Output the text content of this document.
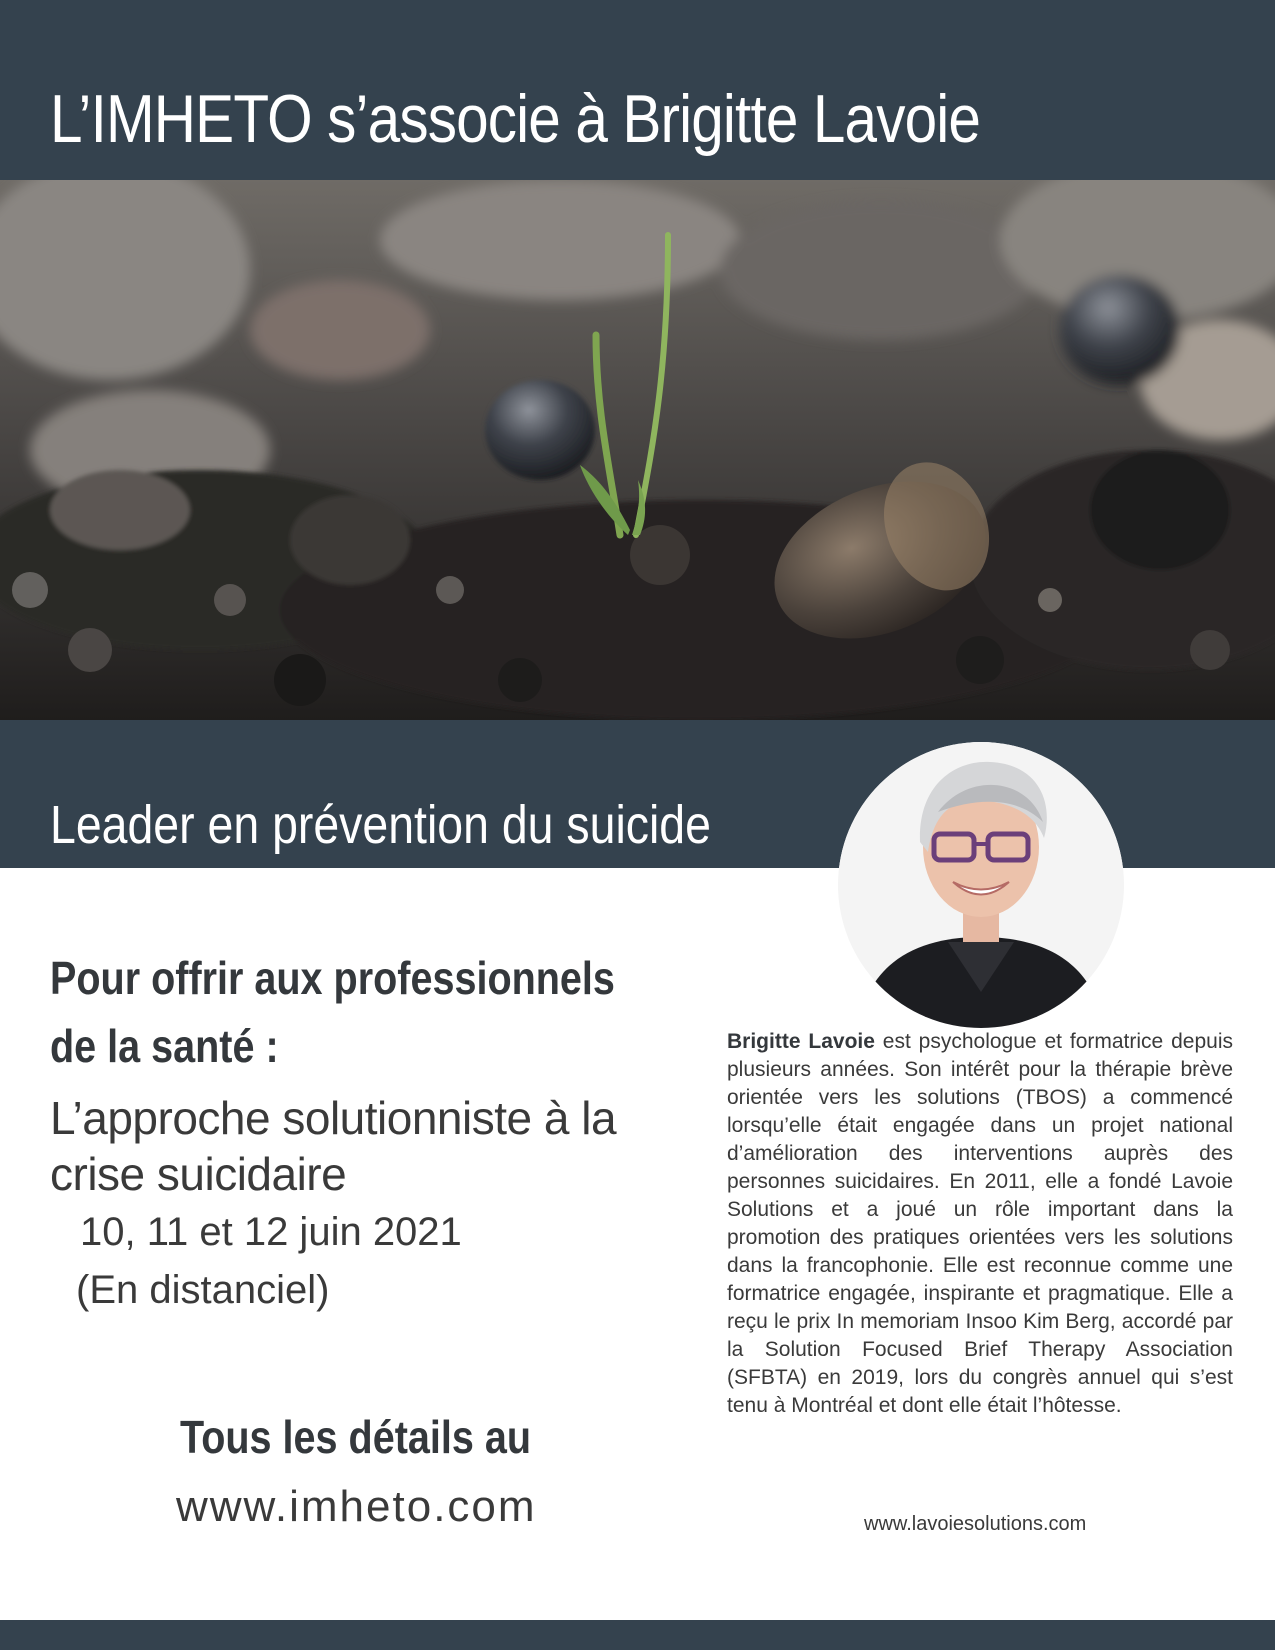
L’IMHETO s’associe à Brigitte Lavoie
Leader en prévention du suicide
Pour offrir aux professionnels de la santé :

L’approche solutionniste à la crise suicidaire

10, 11 et 12 juin 2021
(En distanciel)
Tous les détails au
www.imheto.com

Brigitte Lavoie est psychologue et formatrice depuis plusieurs années. Son intérêt pour la thérapie brève orientée vers les solutions (TBOS) a commencé lorsqu’elle était engagée dans un projet national d’amélioration des interventions auprès des personnes suicidaires. En 2011, elle a fondé Lavoie Solutions et a joué un rôle important dans la promotion des pratiques orientées vers les solutions dans la francophonie. Elle est reconnue comme une formatrice engagée, inspirante et pragmatique. Elle a reçu le prix In memoriam Insoo Kim Berg, accordé par la Solution Focused Brief Therapy Association (SFBTA) en 2019, lors du congrès annuel qui s’est tenu à Montréal et dont elle était l’hôtesse.

www.lavoiesolutions.com
